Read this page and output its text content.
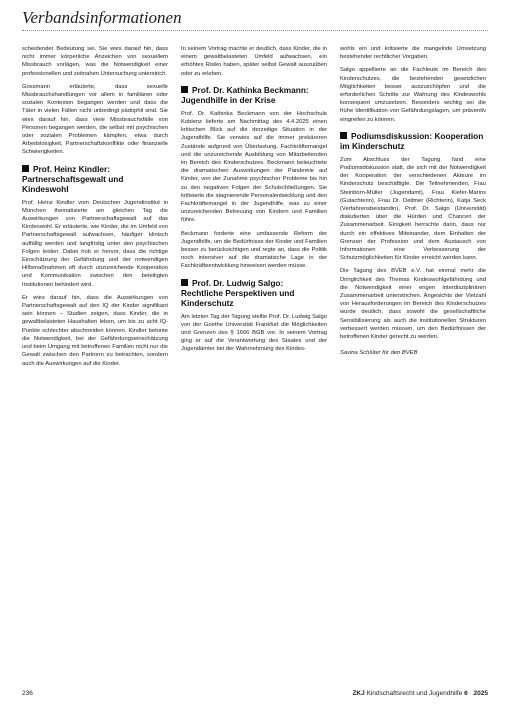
Verbandsinformationen

scheidender Bedeutung sei. Sie wies darauf hin, dass nicht immer körperliche Anzeichen von sexuellem Missbrauch vorlägen, was die Notwendigkeit einer professionellen und zeitnahen Untersuchung unterstrich.

Gossmann erläuterte, dass sexuelle Missbrauchshandlungen vor allem in familiären oder sozialen Kontexten begangen werden und dass die Täter in vielen Fällen nicht unbedingt pädophil sind. Sie wies darauf hin, dass viele Missbrauchsfälle von Personen begangen werden, die selbst mit psychischen oder sozialen Problemen kämpfen, etwa durch Arbeitslosigkeit, Partnerschaftskonflikte oder finanzielle Schwierigkeiten.

Prof. Heinz Kindler: Partnerschaftsgewalt und Kindeswohl

Prof. Heinz Kindler vom Deutschen Jugendinstitut in München thematisierte am gleichen Tag die Auswirkungen von Partnerschaftsgewalt auf das Kindeswohl. Er erläuterte, wie Kinder, die im Umfeld von Partnerschaftsgewalt aufwachsen, häufiger klinisch auffällig werden und langfristig unter den psychischen Folgen leiden. Dabei hob er hervor, dass die richtige Einschätzung der Gefährdung und der notwendigen Hilfsmaßnahmen oft durch unzureichende Kooperation und Kommunikation zwischen den beteiligten Institutionen behindert wird.

Er wies darauf hin, dass die Auswirkungen von Partnerschaftsgewalt auf den IQ der Kinder signifikant sein können – Studien zeigen, dass Kinder, die in gewaltbelasteten Haushalten leben, um bis zu acht IQ-Punkte schlechter abschneiden können. Kindler betonte die Notwendigkeit, bei der Gefährdungseinschätzung und beim Umgang mit betroffenen Familien nicht nur die Gewalt zwischen den Partnern zu betrachten, sondern auch die Auswirkungen auf die Kinder.

In seinem Vortrag machte er deutlich, dass Kinder, die in einem gewaltbelasteten Umfeld aufwachsen, ein erhöhtes Risiko haben, später selbst Gewalt auszuüben oder zu erleben.

Prof. Dr. Kathinka Beckmann: Jugendhilfe in der Krise

Prof. Dr. Kathinka Beckmann von der Hochschule Koblenz lieferte am Nachmittag des 4.4.2025 einen kritischen Blick auf die derzeitige Situation in der Jugendhilfe. Sie verwies auf die immer prekäreren Zustände aufgrund von Überlastung, Fachkräftemangel und die unzureichende Ausbildung von Mitarbeitenden im Bereich des Kinderschutzes. Beckmann beleuchtete die dramatischen Auswirkungen der Pandemie auf Kinder, von der Zunahme psychischer Probleme bis hin zu den negativen Folgen der Schulschließungen. Sie kritisierte die stagnierende Personalentwicklung und den Fachkräftemangel in der Jugendhilfe, was zu einer unzureichenden Betreuung von Kindern und Familien führe.

Beckmann forderte eine umfassende Reform der Jugendhilfe, um die Bedürfnisse der Kinder und Familien besser zu berücksichtigen und regte an, dass die Politik noch intensiver auf die dramatische Lage in der Fachkräfteentwicklung hinweisen werden müsse.

Prof. Dr. Ludwig Salgo: Rechtliche Perspektiven und Kinderschutz

Am letzten Tag der Tagung stellte Prof. Dr. Ludwig Salgo von der Goethe Universität Frankfurt die Möglichkeiten und Grenzen des § 1666 BGB vor. In seinem Vortrag ging er auf die Verantwortung des Staates und der Jugendämter bei der Wahrnehmung des Kindes-

wohls ein und kritisierte die mangelnde Umsetzung bestehender rechtlicher Vorgaben.

Salgo appellierte an die Fachleute im Bereich des Kinderschutzes, die bestehenden gesetzlichen Möglichkeiten besser auszuschöpfen und die erforderlichen Schritte zur Wahrung des Kindeswohls konsequent umzusetzen. Besonders wichtig sei die frühe Identifikation von Gefährdungslagen, um präventiv eingreifen zu können.

Podiumsdiskussion: Kooperation im Kinderschutz

Zum Abschluss der Tagung fand eine Podiumsdiskussion statt, die sich mit der Notwendigkeit der Kooperation der verschiedenen Akteure im Kinderschutz beschäftigte. Die Teilnehmenden, Frau Steinborn-Müller (Jugendamt), Frau Kiefer-Marins (Gutachterin), Frau Dr. Deltmer (Richterin), Katja Seck (Verfahrensbeistandin), Prof. Dr. Salgo (Universität) diskutierten über die Hürden und Chancen der Zusammenarbeit. Einigkeit herrschte darin, dass nur durch ein effektives Miteinander, dem Einhalten der Grenzen der Profession und dem Austausch von Informationen eine Verbesserung der Schutzmöglichkeiten für Kinder erreicht werden kann.

Die Tagung des BVEB e.V. hat einmal mehr die Dringlichkeit des Themas Kindeswohlgefährdung und die Notwendigkeit einer engen interdisziplinären Zusammenarbeit unterstrichen. Angesichts der Vielzahl von Herausforderungen im Bereich des Kinderschutzes wurde deutlich, dass sowohl die gesellschaftliche Sensibilisierung als auch die institutionellen Strukturen verbessert werden müssen, um den Bedürfnissen der betroffenen Kinder gerecht zu werden.

Savina Schlüter für den BVEB

236	ZKJ Kindschaftsrecht und Jugendhilfe 6 · 2025
